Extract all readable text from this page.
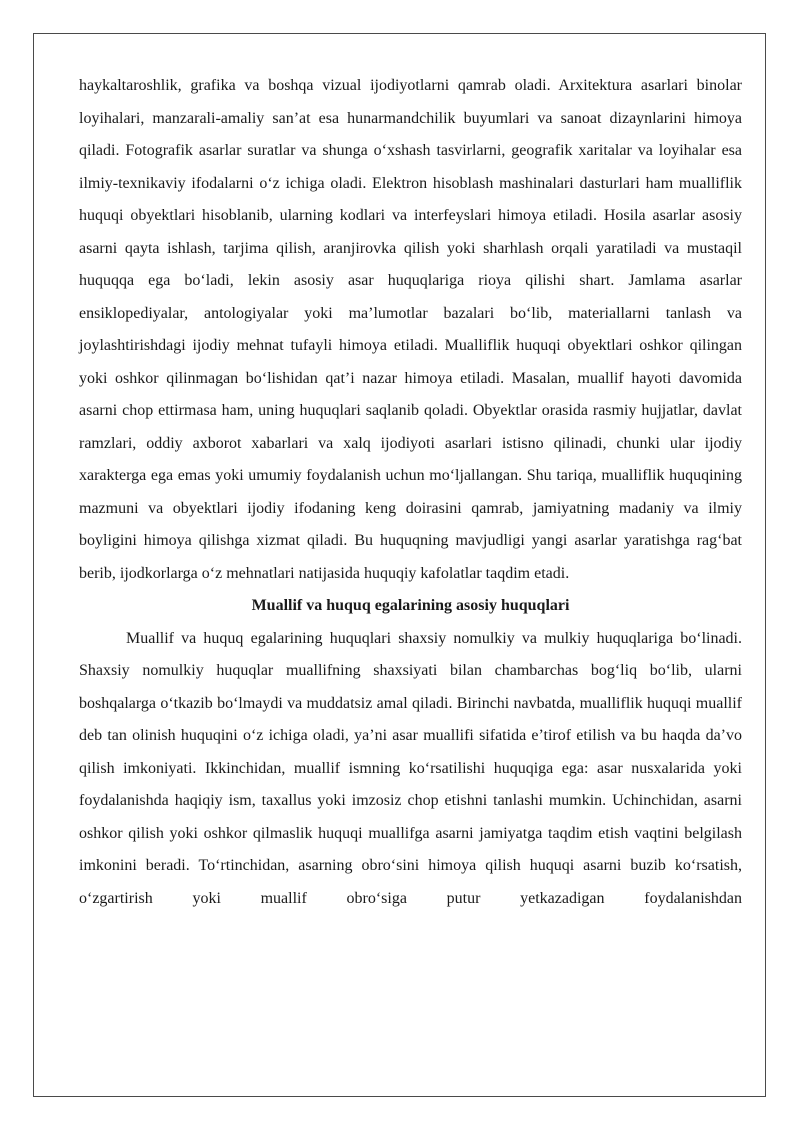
haykaltaroshlik, grafika va boshqa vizual ijodiyotlarni qamrab oladi. Arxitektura asarlari binolar loyihalari, manzarali-amaliy san’at esa hunarmandchilik buyumlari va sanoat dizaynlarini himoya qiladi. Fotografik asarlar suratlar va shunga o‘xshash tasvirlarni, geografik xaritalar va loyihalar esa ilmiy-texnikaviy ifodalarni o‘z ichiga oladi. Elektron hisoblash mashinalari dasturlari ham mualliflik huquqi obyektlari hisoblanib, ularning kodlari va interfeyslari himoya etiladi. Hosila asarlar asosiy asarni qayta ishlash, tarjima qilish, aranjirovka qilish yoki sharhlash orqali yaratiladi va mustaqil huquqqa ega bo‘ladi, lekin asosiy asar huquqlariga rioya qilishi shart. Jamlama asarlar ensiklopediyalar, antologiyalar yoki ma’lumotlar bazalari bo‘lib, materiallarni tanlash va joylashtirishdagi ijodiy mehnat tufayli himoya etiladi. Mualliflik huquqi obyektlari oshkor qilingan yoki oshkor qilinmagan bo‘lishidan qat’i nazar himoya etiladi. Masalan, muallif hayoti davomida asarni chop ettirmasa ham, uning huquqlari saqlanib qoladi. Obyektlar orasida rasmiy hujjatlar, davlat ramzlari, oddiy axborot xabarlari va xalq ijodiyoti asarlari istisno qilinadi, chunki ular ijodiy xarakterga ega emas yoki umumiy foydalanish uchun mo‘ljallangan. Shu tariqa, mualliflik huquqining mazmuni va obyektlari ijodiy ifodaning keng doirasini qamrab, jamiyatning madaniy va ilmiy boyligini himoya qilishga xizmat qiladi. Bu huquqning mavjudligi yangi asarlar yaratishga rag‘bat berib, ijodkorlarga o‘z mehnatlari natijasida huquqiy kafolatlar taqdim etadi.

Muallif va huquq egalarining asosiy huquqlari

Muallif va huquq egalarining huquqlari shaxsiy nomulkiy va mulkiy huquqlariga bo‘linadi. Shaxsiy nomulkiy huquqlar muallifning shaxsiyati bilan chambarchas bog‘liq bo‘lib, ularni boshqalarga o‘tkazib bo‘lmaydi va muddatsiz amal qiladi. Birinchi navbatda, mualliflik huquqi muallif deb tan olinish huquqini o‘z ichiga oladi, ya’ni asar muallifi sifatida e’tirof etilish va bu haqda da’vo qilish imkoniyati. Ikkinchidan, muallif ismning ko‘rsatilishi huquqiga ega: asar nusxalarida yoki foydalanishda haqiqiy ism, taxallus yoki imzosiz chop etishni tanlashi mumkin. Uchinchidan, asarni oshkor qilish yoki oshkor qilmaslik huquqi muallifga asarni jamiyatga taqdim etish vaqtini belgilash imkonini beradi. To‘rtinchidan, asarning obro‘sini himoya qilish huquqi asarni buzib ko‘rsatish, o‘zgartirish yoki muallif obro‘siga putur yetkazadigan foydalanishdan
